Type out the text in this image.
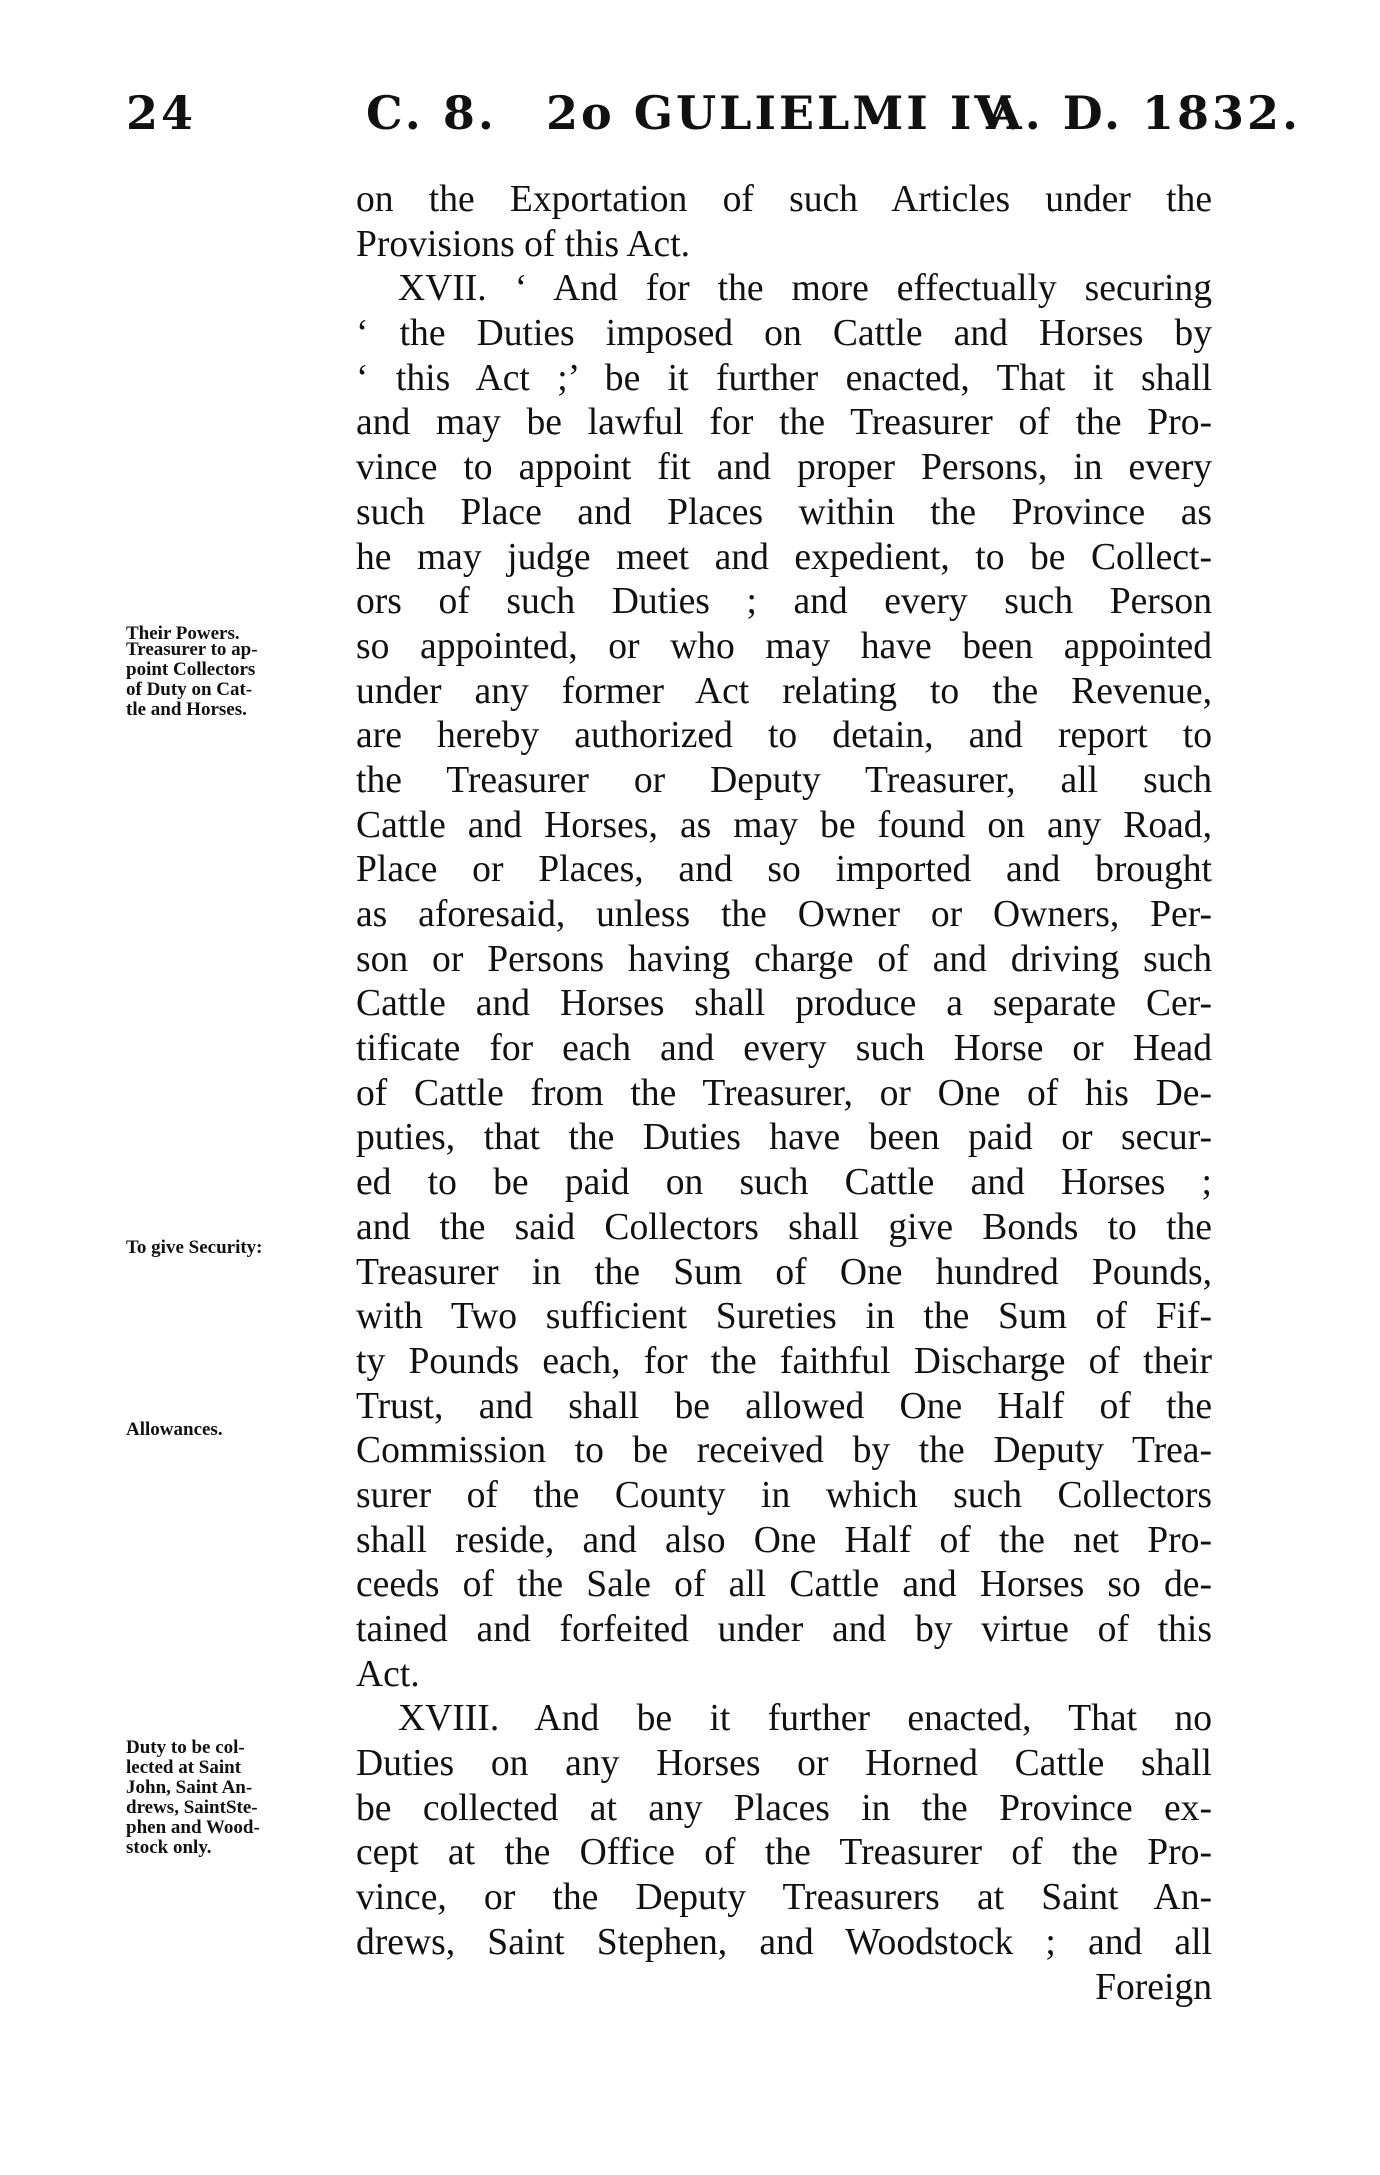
24	C. 8. 2o GULIELMI IV.
A. D. 1832.
Treasurer to ap-
point Collectors
of Duty on Cat-
tle and Horses.
Their Powers.
To give Security:
Allowances.
Duty to be col-
lected at Saint
John, Saint An-
drews, SaintSte-
phen and Wood-
stock only.
on the Exportation of such Articles under the
Provisions of this Act.
XVII. ‘ And for the more effectually securing
‘ the Duties imposed on Cattle and Horses by
‘ this Act ;’ be it further enacted, That it shall
and may be lawful for the Treasurer of the Pro-
vince to appoint fit and proper Persons, in every
such Place and Places within the Province as
he may judge meet and expedient, to be Collect-
ors of such Duties ; and every such Person
so appointed, or who may have been appointed
under any former Act relating to the Revenue,
are hereby authorized to detain, and report to
the Treasurer or Deputy Treasurer, all such
Cattle and Horses, as may be found on any Road,
Place or Places, and so imported and brought
as aforesaid, unless the Owner or Owners, Per-
son or Persons having charge of and driving such
Cattle and Horses shall produce a separate Cer-
tificate for each and every such Horse or Head
of Cattle from the Treasurer, or One of his De-
puties, that the Duties have been paid or secur-
ed to be paid on such Cattle and Horses ;
and the said Collectors shall give Bonds to the
Treasurer in the Sum of One hundred Pounds,
with Two sufficient Sureties in the Sum of Fif-
ty Pounds each, for the faithful Discharge of their
Trust, and shall be allowed One Half of the
Commission to be received by the Deputy Trea-
surer of the County in which such Collectors
shall reside, and also One Half of the net Pro-
ceeds of the Sale of all Cattle and Horses so de-
tained and forfeited under and by virtue of this
Act.
XVIII. And be it further enacted, That no
Duties on any Horses or Horned Cattle shall
be collected at any Places in the Province ex-
cept at the Office of the Treasurer of the Pro-
vince, or the Deputy Treasurers at Saint An-
drews, Saint Stephen, and Woodstock ; and all
Foreign
